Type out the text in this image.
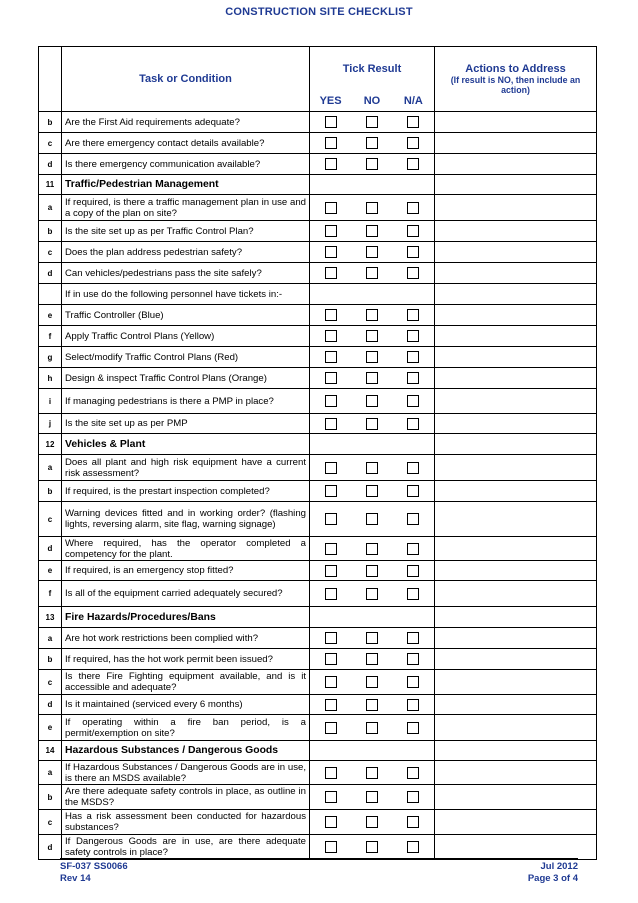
CONSTRUCTION SITE CHECKLIST
	Task or Condition	Tick Result			Actions to Address
(If result is NO, then include an action)

		YES	NO	N/A	
b	Are the First Aid requirements adequate?				
c	Are there emergency contact details available?				
d	Is there emergency communication available?				
11	Traffic/Pedestrian Management				
a	If required, is there a traffic management plan in use and a copy of the plan on site?				
b	Is the site set up as per Traffic Control Plan?				
c	Does the plan address pedestrian safety?				
d	Can vehicles/pedestrians pass the site safely?				
	If in use do the following personnel have tickets in:-				
e	Traffic Controller (Blue)				
f	Apply Traffic Control Plans (Yellow)				
g	Select/modify Traffic Control Plans (Red)				
h	Design & inspect Traffic Control Plans (Orange)				
i	If managing pedestrians is there a PMP in place?				
j	Is the site set up as per PMP				
12	Vehicles & Plant				
a	Does all plant and high risk equipment have a current risk assessment?				
b	If required, is the prestart inspection completed?				
c	Warning devices fitted and in working order? (flashing lights, reversing alarm, site flag, warning signage)				
d	Where required, has the operator completed a competency for the plant.				
e	If required, is an emergency stop fitted?				
f	Is all of the equipment carried adequately secured?				
13	Fire Hazards/Procedures/Bans				
a	Are hot work restrictions been complied with?				
b	If required, has the hot work permit been issued?				
c	Is there Fire Fighting equipment available, and is it accessible and adequate?				
d	Is it maintained (serviced every 6 months)				
e	If operating within a fire ban period, is a permit/exemption on site?				
14	Hazardous Substances / Dangerous Goods				
a	If Hazardous Substances / Dangerous Goods are in use, is there an MSDS available?				
b	Are there adequate safety controls in place, as outline in the MSDS?				
c	Has a risk assessment been conducted for hazardous substances?				
d	If Dangerous Goods are in use, are there adequate safety controls in place?				
SF-037 SS0066
Rev 14
Jul 2012
Page 3 of 4
